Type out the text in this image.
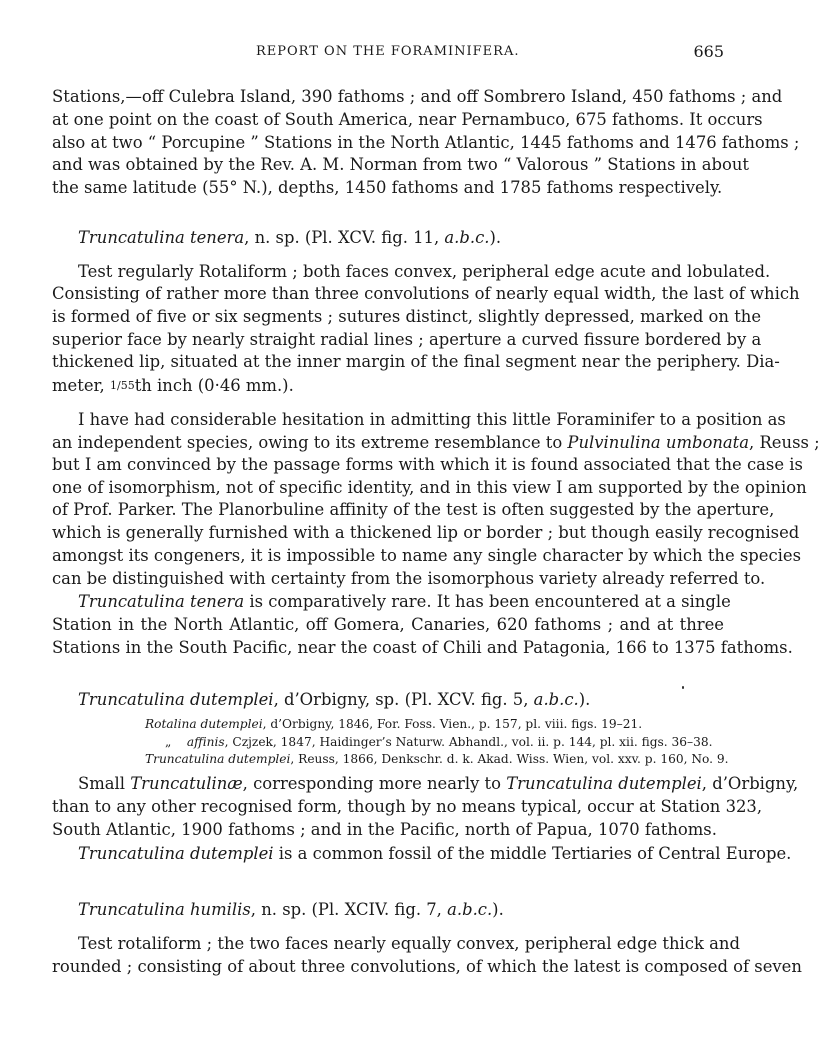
REPORT ON THE FORAMINIFERA.	665
Stations,—off Culebra Island, 390 fathoms ; and off Sombrero Island, 450 fathoms ; and
at one point on the coast of South America, near Pernambuco, 675 fathoms. It occurs
also at two “ Porcupine ” Stations in the North Atlantic, 1445 fathoms and 1476 fathoms ;
and was obtained by the Rev. A. M. Norman from two “ Valorous ” Stations in about
the same latitude (55° N.), depths, 1450 fathoms and 1785 fathoms respectively.
Truncatulina tenera, n. sp. (Pl. XCV. fig. 11, a.b.c.).
Test regularly Rotaliform ; both faces convex, peripheral edge acute and lobulated.
Consisting of rather more than three convolutions of nearly equal width, the last of which
is formed of five or six segments ; sutures distinct, slightly depressed, marked on the
superior face by nearly straight radial lines ; aperture a curved fissure bordered by a
thickened lip, situated at the inner margin of the final segment near the periphery. Dia-
meter, 1/55th inch (0·46 mm.).
I have had considerable hesitation in admitting this little Foraminifer to a position as
an independent species, owing to its extreme resemblance to Pulvinulina umbonata, Reuss ;
but I am convinced by the passage forms with which it is found associated that the case is
one of isomorphism, not of specific identity, and in this view I am supported by the opinion
of Prof. Parker. The Planorbuline affinity of the test is often suggested by the aperture,
which is generally furnished with a thickened lip or border ; but though easily recognised
amongst its congeners, it is impossible to name any single character by which the species
can be distinguished with certainty from the isomorphous variety already referred to.
Truncatulina tenera is comparatively rare. It has been encountered at a single
Station in the North Atlantic, off Gomera, Canaries, 620 fathoms ; and at three
Stations in the South Pacific, near the coast of Chili and Patagonia, 166 to 1375 fathoms.
Truncatulina dutemplei, d’Orbigny, sp. (Pl. XCV. fig. 5, a.b.c.).
Rotalina dutemplei, d’Orbigny, 1846, For. Foss. Vien., p. 157, pl. viii. figs. 19–21.
„ affinis, Czjzek, 1847, Haidinger’s Naturw. Abhandl., vol. ii. p. 144, pl. xii. figs. 36–38.
Truncatulina dutemplei, Reuss, 1866, Denkschr. d. k. Akad. Wiss. Wien, vol. xxv. p. 160, No. 9.
Small Truncatulinæ, corresponding more nearly to Truncatulina dutemplei, d’Orbigny,
than to any other recognised form, though by no means typical, occur at Station 323,
South Atlantic, 1900 fathoms ; and in the Pacific, north of Papua, 1070 fathoms.
Truncatulina dutemplei is a common fossil of the middle Tertiaries of Central Europe.
Truncatulina humilis, n. sp. (Pl. XCIV. fig. 7, a.b.c.).
Test rotaliform ; the two faces nearly equally convex, peripheral edge thick and
rounded ; consisting of about three convolutions, of which the latest is composed of seven
